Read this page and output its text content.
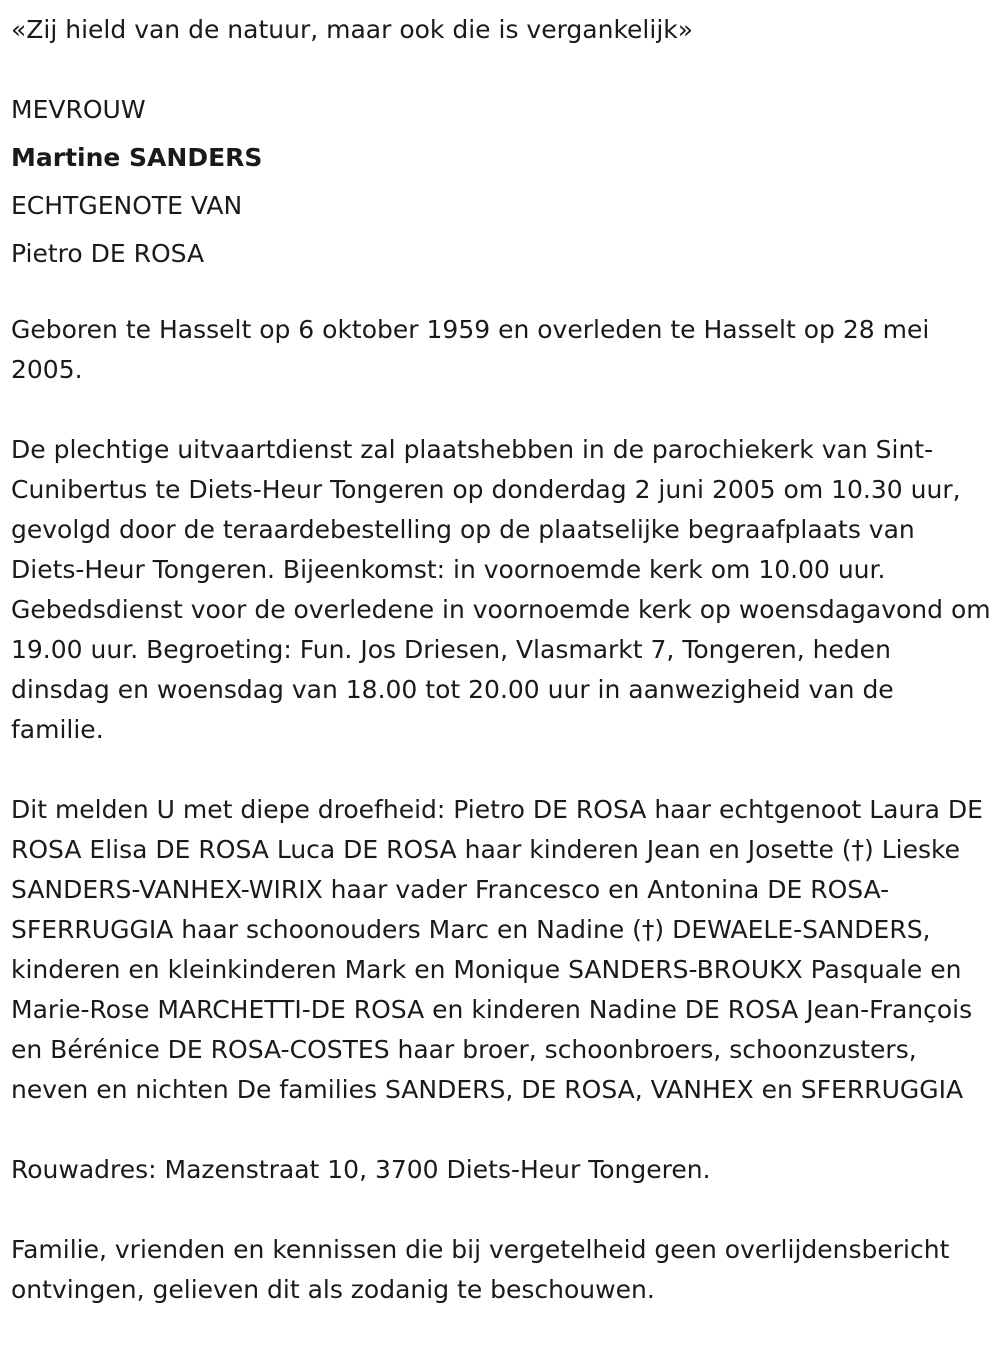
«Zij hield van de natuur, maar ook die is vergankelijk»
MEVROUW
Martine SANDERS
ECHTGENOTE VAN
Pietro DE ROSA

Geboren te Hasselt op 6 oktober 1959 en overleden te Hasselt op 28 mei 2005.

De plechtige uitvaartdienst zal plaatshebben in de parochiekerk van Sint-Cunibertus te Diets-Heur Tongeren op donderdag 2 juni 2005 om 10.30 uur, gevolgd door de teraardebestelling op de plaatselijke begraafplaats van Diets-Heur Tongeren. Bijeenkomst: in voornoemde kerk om 10.00 uur. Gebedsdienst voor de overledene in voornoemde kerk op woensdagavond om 19.00 uur. Begroeting: Fun. Jos Driesen, Vlasmarkt 7, Tongeren, heden dinsdag en woensdag van 18.00 tot 20.00 uur in aanwezigheid van de familie.

Dit melden U met diepe droefheid: Pietro DE ROSA haar echtgenoot Laura DE ROSA Elisa DE ROSA Luca DE ROSA haar kinderen Jean en Josette (†) Lieske SANDERS-VANHEX-WIRIX haar vader Francesco en Antonina DE ROSA-SFERRUGGIA haar schoonouders Marc en Nadine (†) DEWAELE-SANDERS, kinderen en kleinkinderen Mark en Monique SANDERS-BROUKX Pasquale en Marie-Rose MARCHETTI-DE ROSA en kinderen Nadine DE ROSA Jean-François en Bérénice DE ROSA-COSTES haar broer, schoonbroers, schoonzusters, neven en nichten De families SANDERS, DE ROSA, VANHEX en SFERRUGGIA

Rouwadres: Mazenstraat 10, 3700 Diets-Heur Tongeren.

Familie, vrienden en kennissen die bij vergetelheid geen overlijdensbericht ontvingen, gelieven dit als zodanig te beschouwen.
